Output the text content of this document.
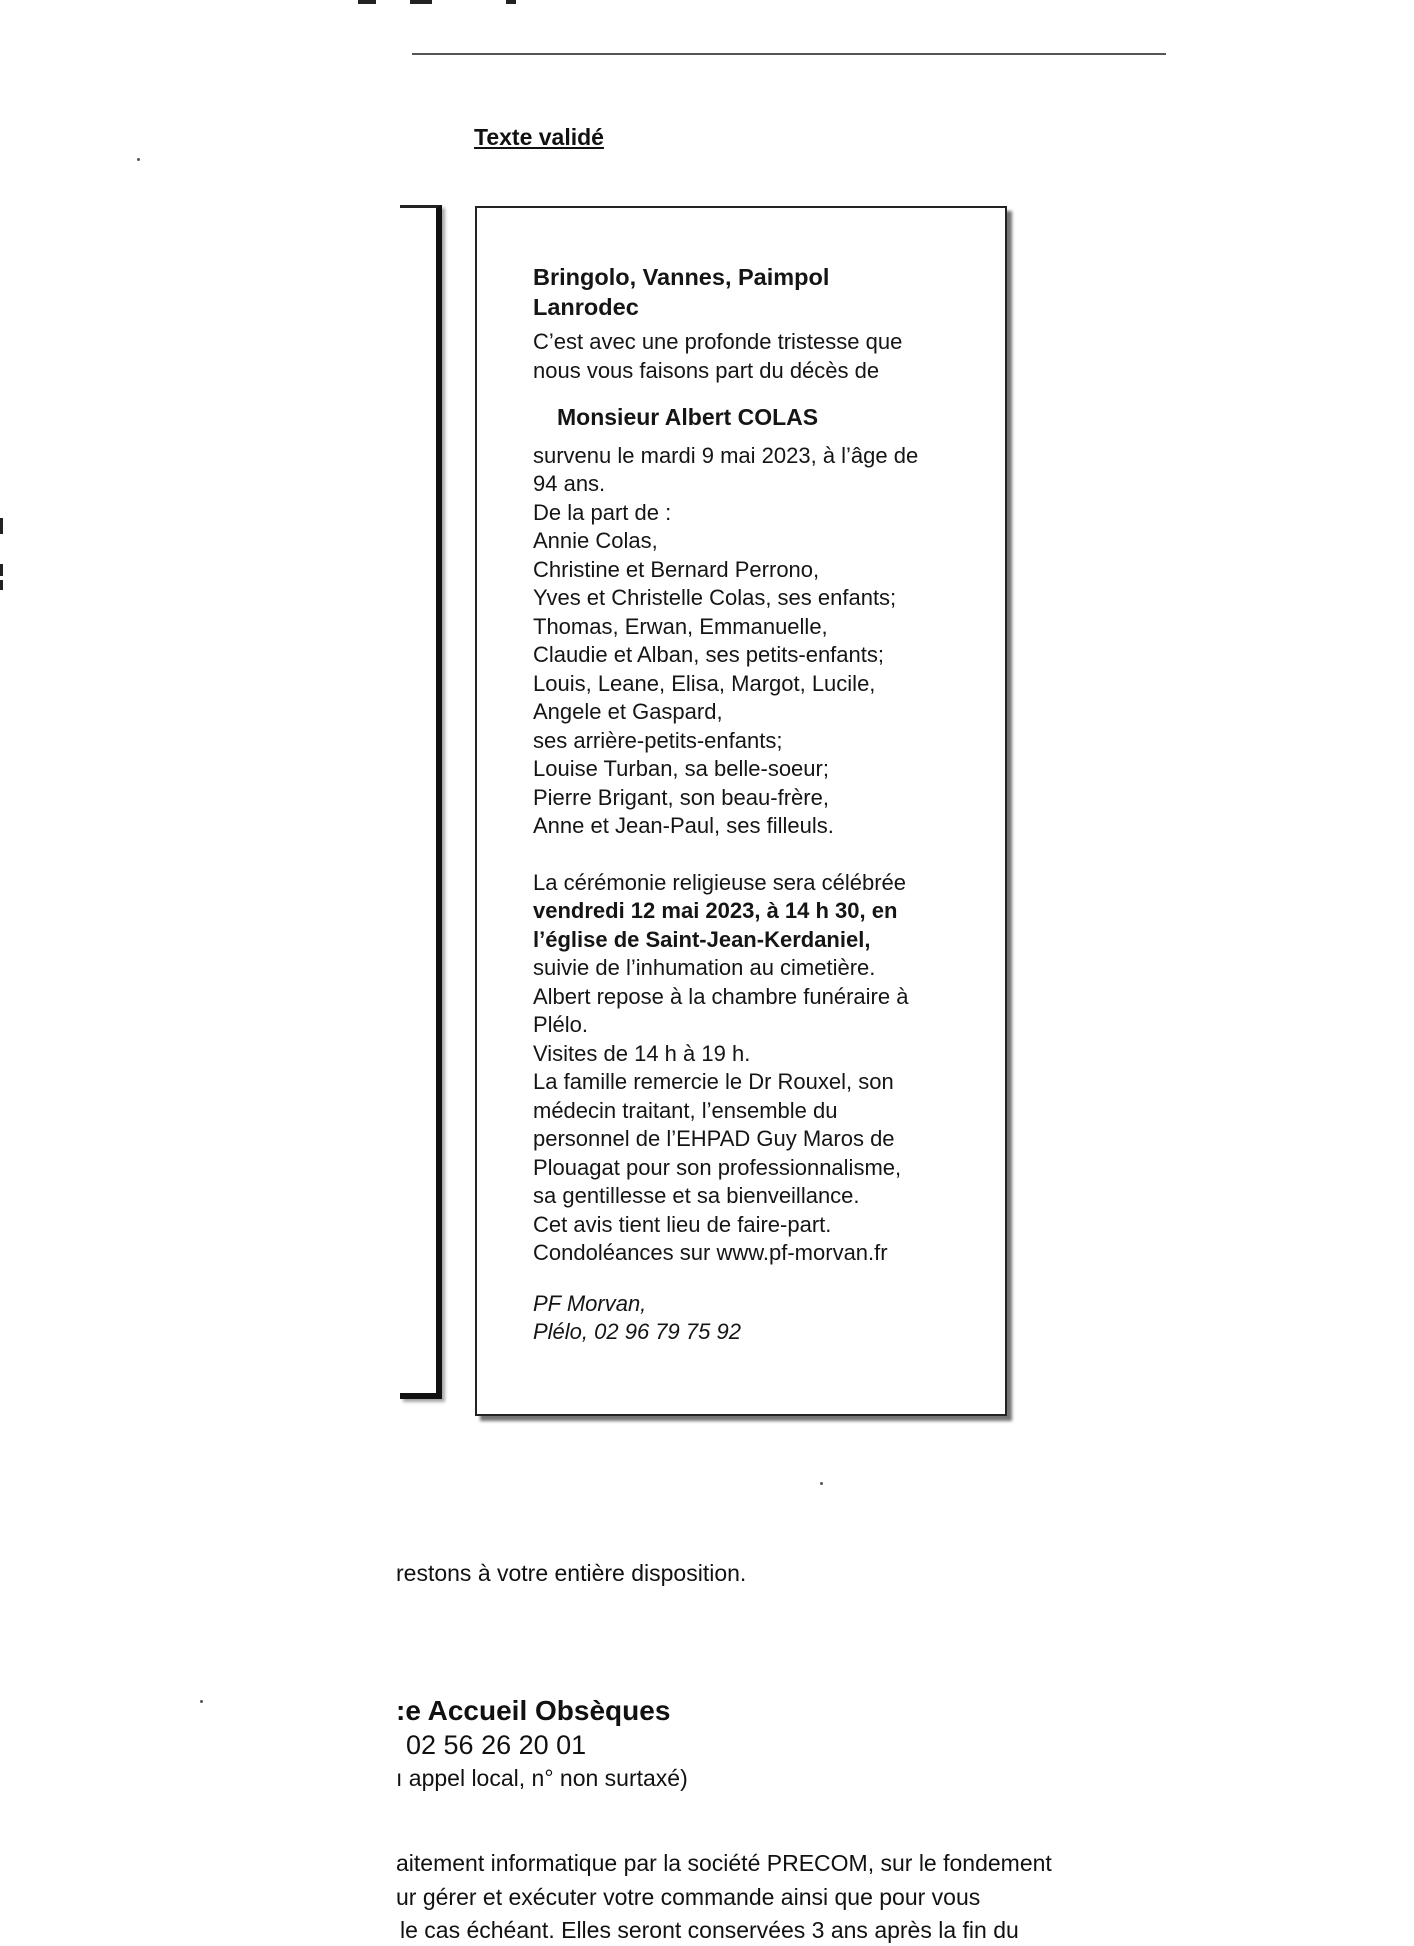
Texte validé
Bringolo, Vannes, Paimpol
Lanrodec
C’est avec une profonde tristesse que
nous vous faisons part du décès de
Monsieur Albert COLAS
survenu le mardi 9 mai 2023, à l’âge de
94 ans.
De la part de :
Annie Colas,
Christine et Bernard Perrono,
Yves et Christelle Colas, ses enfants;
Thomas, Erwan, Emmanuelle,
Claudie et Alban, ses petits-enfants;
Louis, Leane, Elisa, Margot, Lucile,
Angele et Gaspard,
ses arrière-petits-enfants;
Louise Turban, sa belle-soeur;
Pierre Brigant, son beau-frère,
Anne et Jean-Paul, ses filleuls.
La cérémonie religieuse sera célébrée
vendredi 12 mai 2023, à 14 h 30, en
l’église de Saint-Jean-Kerdaniel,
suivie de l’inhumation au cimetière.
Albert repose à la chambre funéraire à
Plélo.
Visites de 14 h à 19 h.
La famille remercie le Dr Rouxel, son
médecin traitant, l’ensemble du
personnel de l’EHPAD Guy Maros de
Plouagat pour son professionnalisme,
sa gentillesse et sa bienveillance.
Cet avis tient lieu de faire-part.
Condoléances sur www.pf-morvan.fr
PF Morvan,
Plélo, 02 96 79 75 92
restons à votre entière disposition.
:e Accueil Obsèques
02 56 26 20 01
ı appel local, n° non surtaxé)
aitement informatique par la société PRECOM, sur le fondement
ur gérer et exécuter votre commande ainsi que pour vous
le cas échéant. Elles seront conservées 3 ans après la fin du
